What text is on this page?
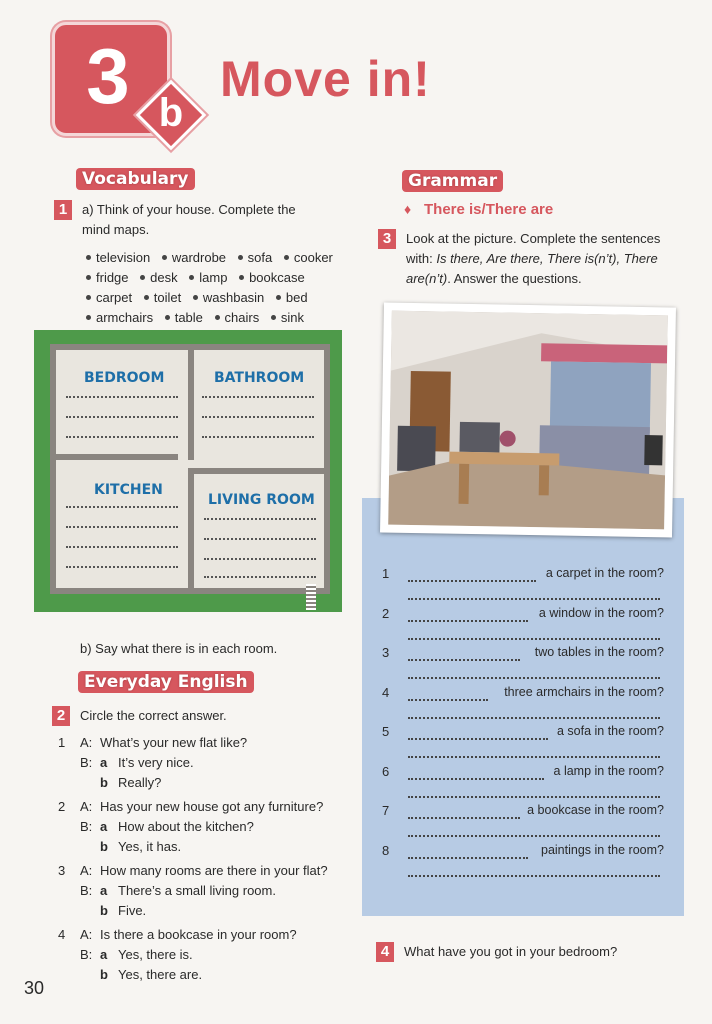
3 b
Move in!
Vocabulary
1	a) Think of your house. Complete the
mind maps.
television wardrobe sofa cooker
fridge desk lamp bookcase
carpet toilet washbasin bed
armchairs table chairs sink
BEDROOM	BATHROOM
KITCHEN
LIVING ROOM
b) Say what there is in each room.
Everyday English
2	Circle the correct answer.
1 A: What’s your new flat like?
B: a It’s very nice.
b Really?
2 A: Has your new house got any furniture?
B: a How about the kitchen?
b Yes, it has.
3 A: How many rooms are there in your flat?
B: a There’s a small living room.
b Five.
4 A: Is there a bookcase in your room?
B: a Yes, there is.
b Yes, there are.
Grammar
♦ There is/There are
3	Look at the picture. Complete the sentences
with: Is there, Are there, There is(n’t), There
are(n’t). Answer the questions.
1	a carpet in the room?
2	a window in the room?
3	two tables in the room?
4	three armchairs in the room?
5	a sofa in the room?
6	a lamp in the room?
7	a bookcase in the room?
8	paintings in the room?
4	What have you got in your bedroom?
30
